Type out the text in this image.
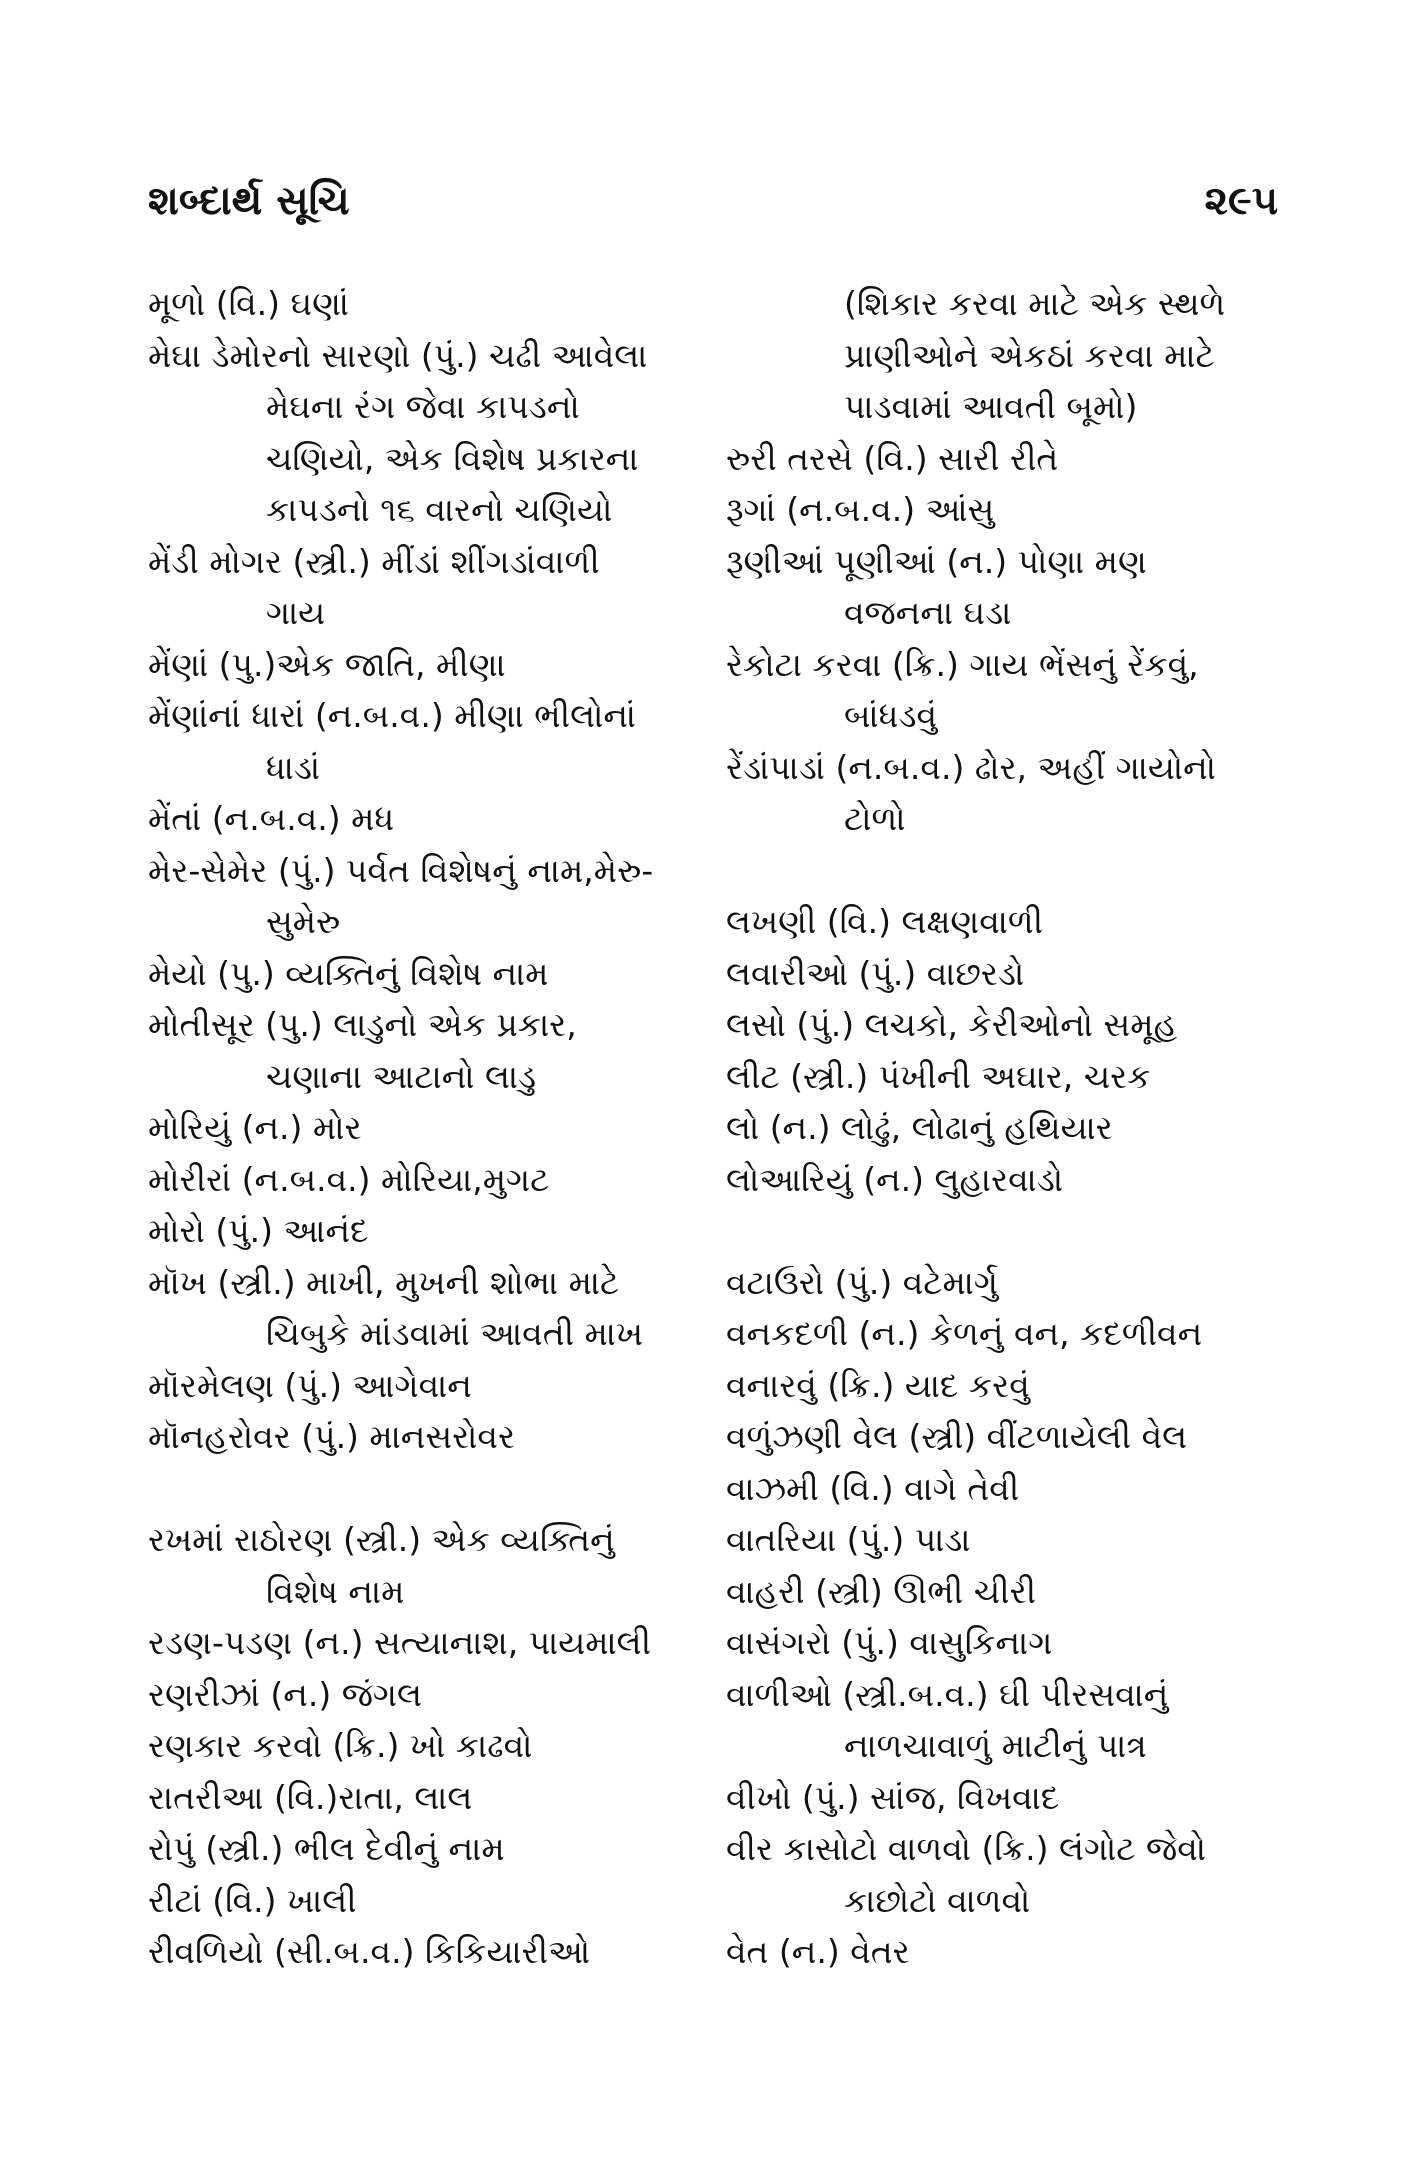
શબ્દાર્થ સૂચિ	૨૯૫
મૂળો (વિ.) ઘણાં
મેઘા ડેમોરનો સારણો (પું.) ચઢી આવેલા
મેઘના રંગ જેવા કાપડનો
ચણિયો, એક વિશેષ પ્રકારના
કાપડનો ૧૬ વારનો ચણિયો
મેંડી મોગર (સ્ત્રી.) મીંડાં શીંગડાંવાળી
ગાય
મેંણાં (પુ.)એક જાતિ, મીણા
મેંણાંનાં ધારાં (ન.બ.વ.) મીણા ભીલોનાં
ધાડાં
મેંતાં (ન.બ.વ.) મધ
મેર-સેમેર (પું.) પર્વત વિશેષનું નામ,મેરુ-
સુમેરુ
મેયો (પુ.) વ્યક્તિનું વિશેષ નામ
મોતીસૂર (પુ.) લાડુનો એક પ્રકાર,
ચણાના આટાનો લાડુ
મોરિયું (ન.) મોર
મોરીરાં (ન.બ.વ.) મોરિયા,મુગટ
મોરો (પું.) આનંદ
મૉખ (સ્ત્રી.) માખી, મુખની શોભા માટે
ચિબુકે માંડવામાં આવતી માખ
મૉરમેલણ (પું.) આગેવાન
મૉનહરોવર (પું.) માનસરોવર
રખમાં રાઠોરણ (સ્ત્રી.) એક વ્યક્તિનું
વિશેષ નામ
રડણ-પડણ (ન.) સત્યાનાશ, પાયમાલી
રણરીઝાં (ન.) જંગલ
રણકાર કરવો (ક્રિ.) ખો કાઢવો
રાતરીઆ (વિ.)રાતા, લાલ
રોપું (સ્ત્રી.) ભીલ દેવીનું નામ
રીટાં (વિ.) ખાલી
રીવળિયો (સી.બ.વ.) કિકિયારીઓ
(શિકાર કરવા માટે એક સ્થળે
પ્રાણીઓને એકઠાં કરવા માટે
પાડવામાં આવતી બૂમો)
રુરી તરસે (વિ.) સારી રીતે
રૂગાં (ન.બ.વ.) આંસુ
રૂણીઆં પૂણીઆં (ન.) પોણા મણ
વજનના ઘડા
રેકોટા કરવા (ક્રિ.) ગાય ભેંસનું રેંકવું,
બાંધડવું
રેંડાંપાડાં (ન.બ.વ.) ઢોર, અહીં ગાયોનો
ટોળો
લખણી (વિ.) લક્ષણવાળી
લવારીઓ (પું.) વાછરડો
લસો (પું.) લચકો, કેરીઓનો સમૂહ
લીટ (સ્ત્રી.) પંખીની અઘાર, ચરક
લો (ન.) લોઢું, લોઢાનું હથિયાર
લોઆરિયું (ન.) લુહારવાડો
વટાઉરો (પું.) વટેમાર્ગુ
વનકદળી (ન.) કેળનું વન, કદળીવન
વનારવું (ક્રિ.) યાદ કરવું
વળુંઝણી વેલ (સ્ત્રી) વીંટળાયેલી વેલ
વાઝમી (વિ.) વાગે તેવી
વાતરિયા (પું.) પાડા
વાહરી (સ્ત્રી) ઊભી ચીરી
વાસંગરો (પું.) વાસુકિનાગ
વાળીઓ (સ્ત્રી.બ.વ.) ઘી પીરસવાનું
નાળચાવાળું માટીનું પાત્ર
વીખો (પું.) સાંજ, વિખવાદ
વીર કાસોટો વાળવો (ક્રિ.) લંગોટ જેવો
કાછોટો વાળવો
વેત (ન.) વેતર
